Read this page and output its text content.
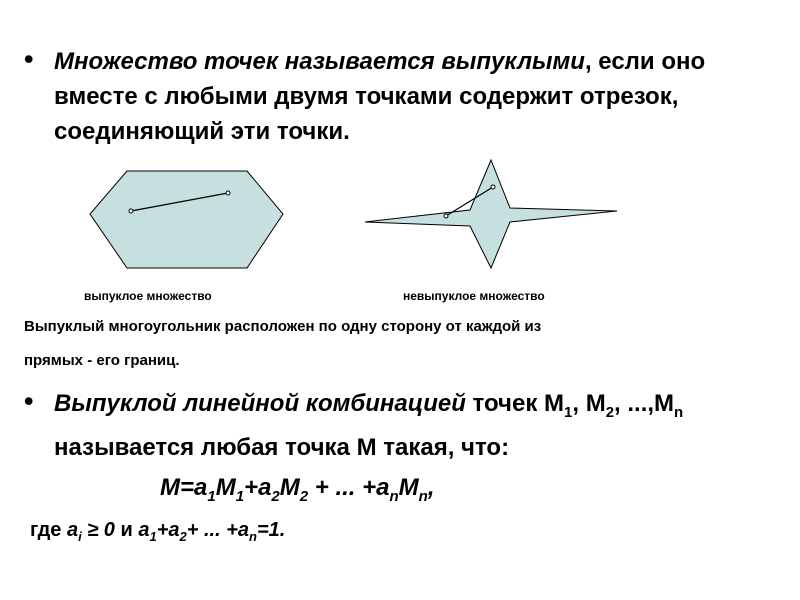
• Множество точек называется выпуклыми, если оно вместе с любыми двумя точками содержит отрезок, соединяющий эти точки.
выпуклое множество	невыпуклое множество
Выпуклый многоугольник расположен по одну сторону от каждой из
прямых - его границ.
• Выпуклой линейной комбинацией точек $M_1$, $M_2$, $...,M_n$ называется любая точка M такая, что:
$M=a_1M_1+a_2M_2$ + ... $+a_nM_n$,
где $a_i \ge 0$ и $a_1+a_2+$ ... $+a_n=1$.
